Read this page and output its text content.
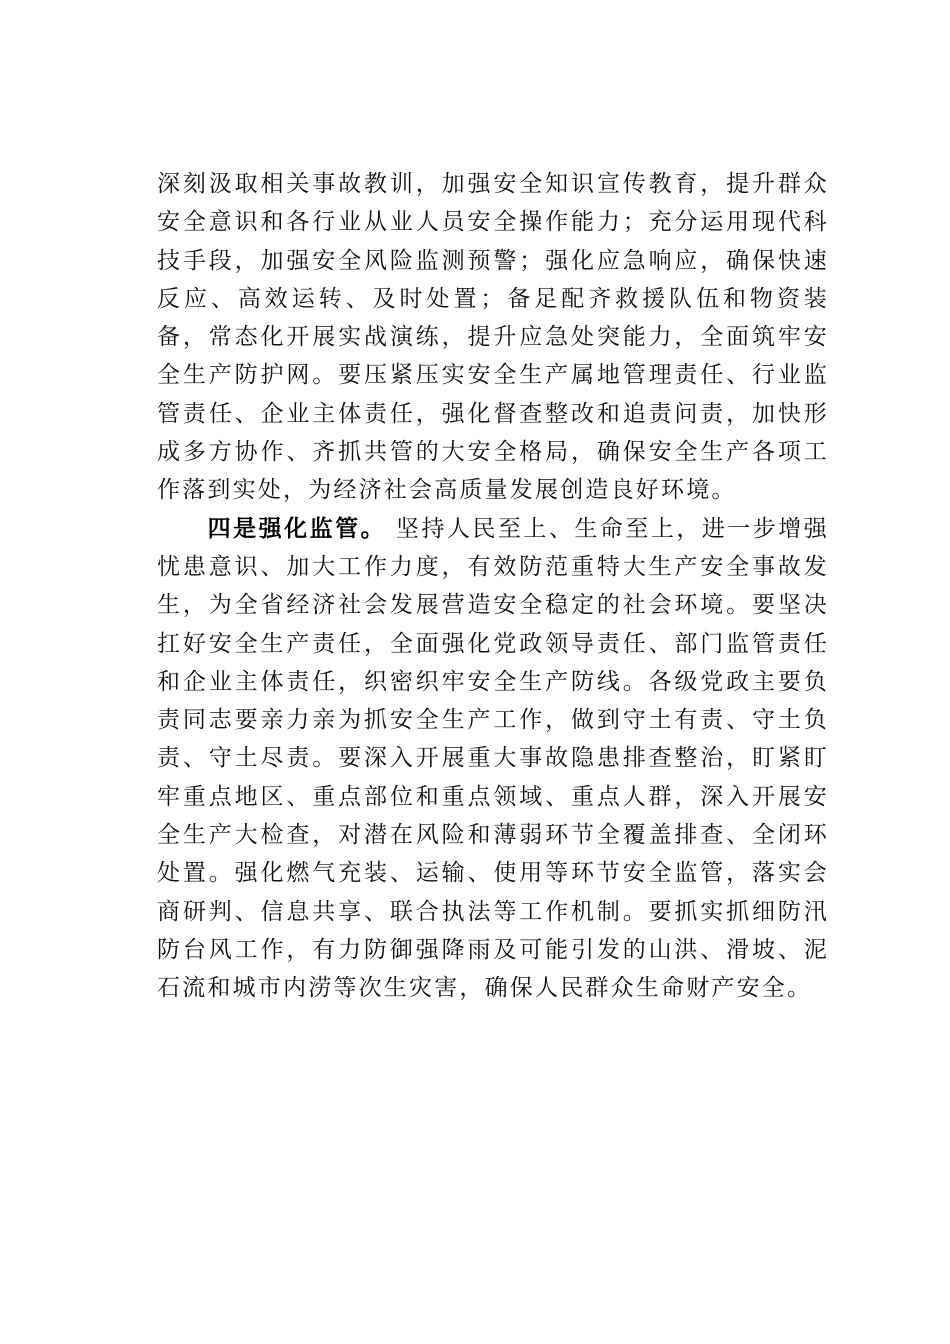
深刻汲取相关事故教训，加强安全知识宣传教育，提升群众安全意识和各行业从业人员安全操作能力；充分运用现代科技手段，加强安全风险监测预警；强化应急响应，确保快速反应、高效运转、及时处置；备足配齐救援队伍和物资装备，常态化开展实战演练，提升应急处突能力，全面筑牢安全生产防护网。要压紧压实安全生产属地管理责任、行业监管责任、企业主体责任，强化督查整改和追责问责，加快形成多方协作、齐抓共管的大安全格局，确保安全生产各项工作落到实处，为经济社会高质量发展创造良好环境。

四是强化监管。 坚持人民至上、生命至上，进一步增强忧患意识、加大工作力度，有效防范重特大生产安全事故发生，为全省经济社会发展营造安全稳定的社会环境。要坚决扛好安全生产责任，全面强化党政领导责任、部门监管责任和企业主体责任，织密织牢安全生产防线。各级党政主要负责同志要亲力亲为抓安全生产工作，做到守土有责、守土负责、守土尽责。要深入开展重大事故隐患排查整治，盯紧盯牢重点地区、重点部位和重点领域、重点人群，深入开展安全生产大检查，对潜在风险和薄弱环节全覆盖排查、全闭环处置。强化燃气充装、运输、使用等环节安全监管，落实会商研判、信息共享、联合执法等工作机制。要抓实抓细防汛防台风工作，有力防御强降雨及可能引发的山洪、滑坡、泥石流和城市内涝等次生灾害，确保人民群众生命财产安全。
